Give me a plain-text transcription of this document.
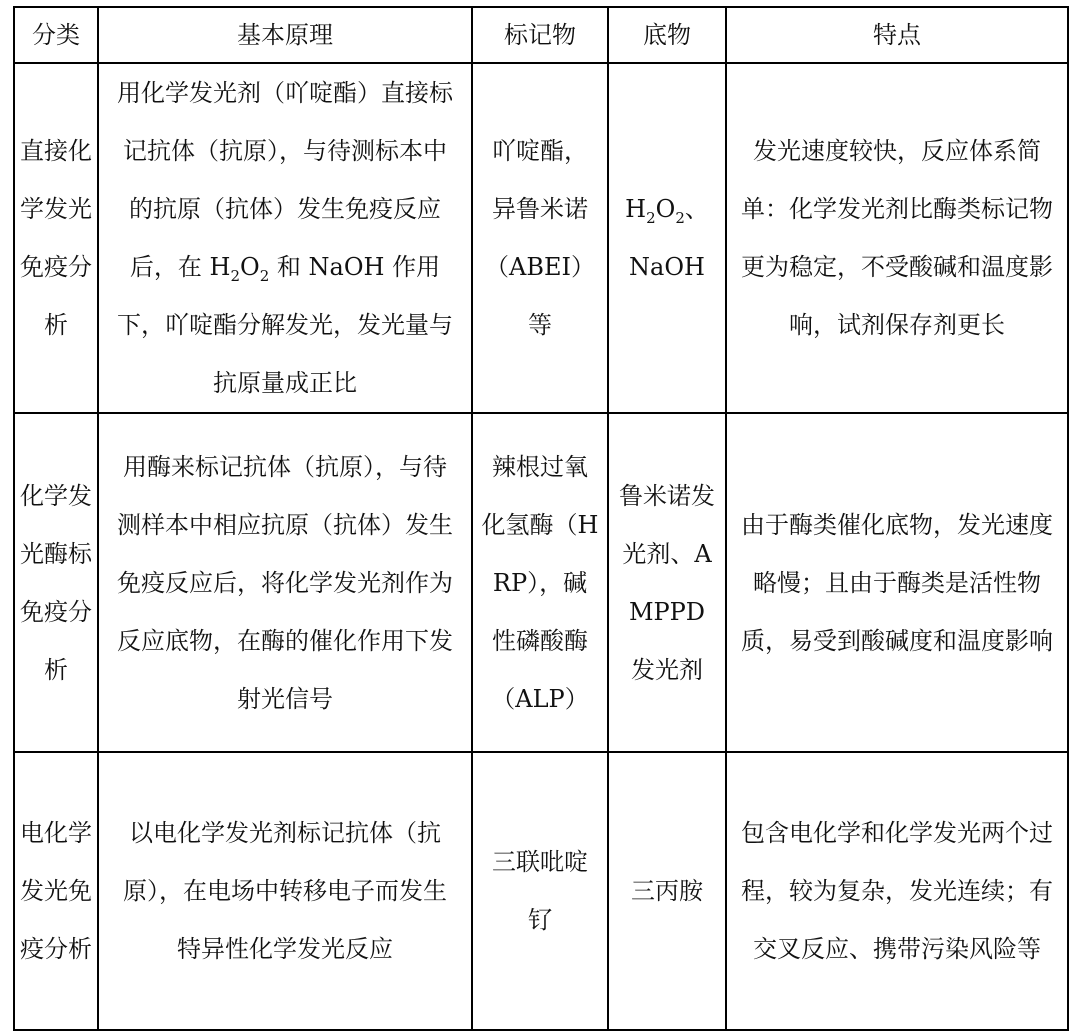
分类	基本原理	标记物	底物	特点
直接化学发光免疫分析	用化学发光剂（吖啶酯）直接标记抗体（抗原），与待测标本中的抗原（抗体）发生免疫反应后，在 $H_2O_2$ 和 NaOH 作用下，吖啶酯分解发光，发光量与抗原量成正比	吖啶酯，异鲁米诺（ABEI）等	$H_2O_2$、NaOH	发光速度较快，反应体系简单：化学发光剂比酶类标记物更为稳定，不受酸碱和温度影响，试剂保存剂更长
化学发光酶标免疫分析	用酶来标记抗体（抗原），与待测样本中相应抗原（抗体）发生免疫反应后，将化学发光剂作为反应底物，在酶的催化作用下发射光信号	辣根过氧化氢酶（HRP），碱性磷酸酶（ALP）	鲁米诺发光剂、AMPPD发光剂	由于酶类催化底物，发光速度略慢；且由于酶类是活性物质，易受到酸碱度和温度影响
电化学发光免疫分析	以电化学发光剂标记抗体（抗原），在电场中转移电子而发生特异性化学发光反应	三联吡啶钌	三丙胺	包含电化学和化学发光两个过程，较为复杂，发光连续；有交叉反应、携带污染风险等
